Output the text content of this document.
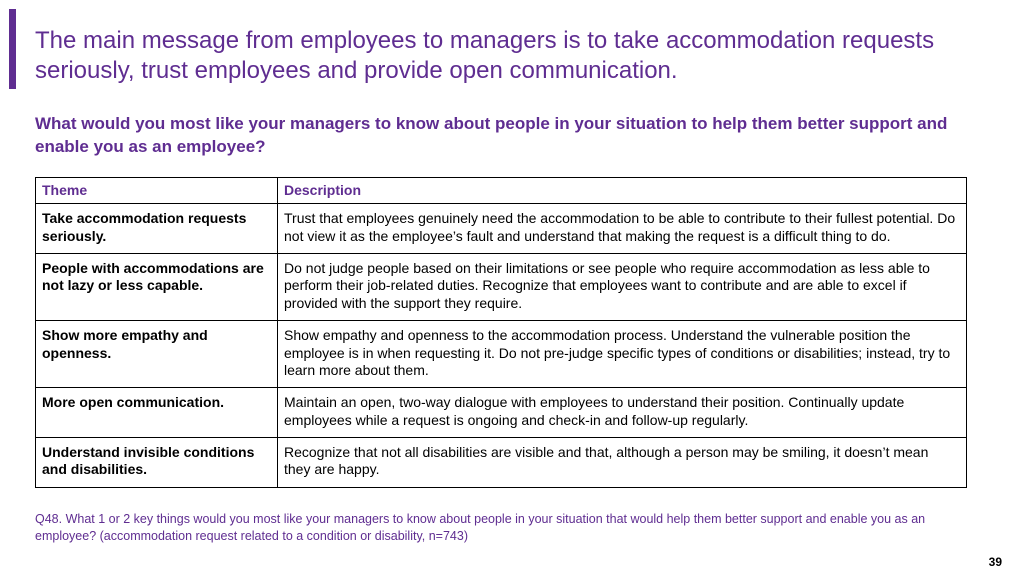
The main message from employees to managers is to take accommodation requests seriously, trust employees and provide open communication.
What would you most like your managers to know about people in your situation to help them better support and enable you as an employee?
Theme	Description
Take accommodation requests seriously.	Trust that employees genuinely need the accommodation to be able to contribute to their fullest potential. Do not view it as the employee’s fault and understand that making the request is a difficult thing to do.
People with accommodations are not lazy or less capable.	Do not judge people based on their limitations or see people who require accommodation as less able to perform their job-related duties. Recognize that employees want to contribute and are able to excel if provided with the support they require.
Show more empathy and openness.	Show empathy and openness to the accommodation process. Understand the vulnerable position the employee is in when requesting it. Do not pre-judge specific types of conditions or disabilities; instead, try to learn more about them.
More open communication.	Maintain an open, two-way dialogue with employees to understand their position. Continually update employees while a request is ongoing and check-in and follow-up regularly.
Understand invisible conditions and disabilities.	Recognize that not all disabilities are visible and that, although a person may be smiling, it doesn’t mean they are happy.

Q48. What 1 or 2 key things would you most like your managers to know about people in your situation that would help them better support and enable you as an employee? (accommodation request related to a condition or disability, n=743)

39
